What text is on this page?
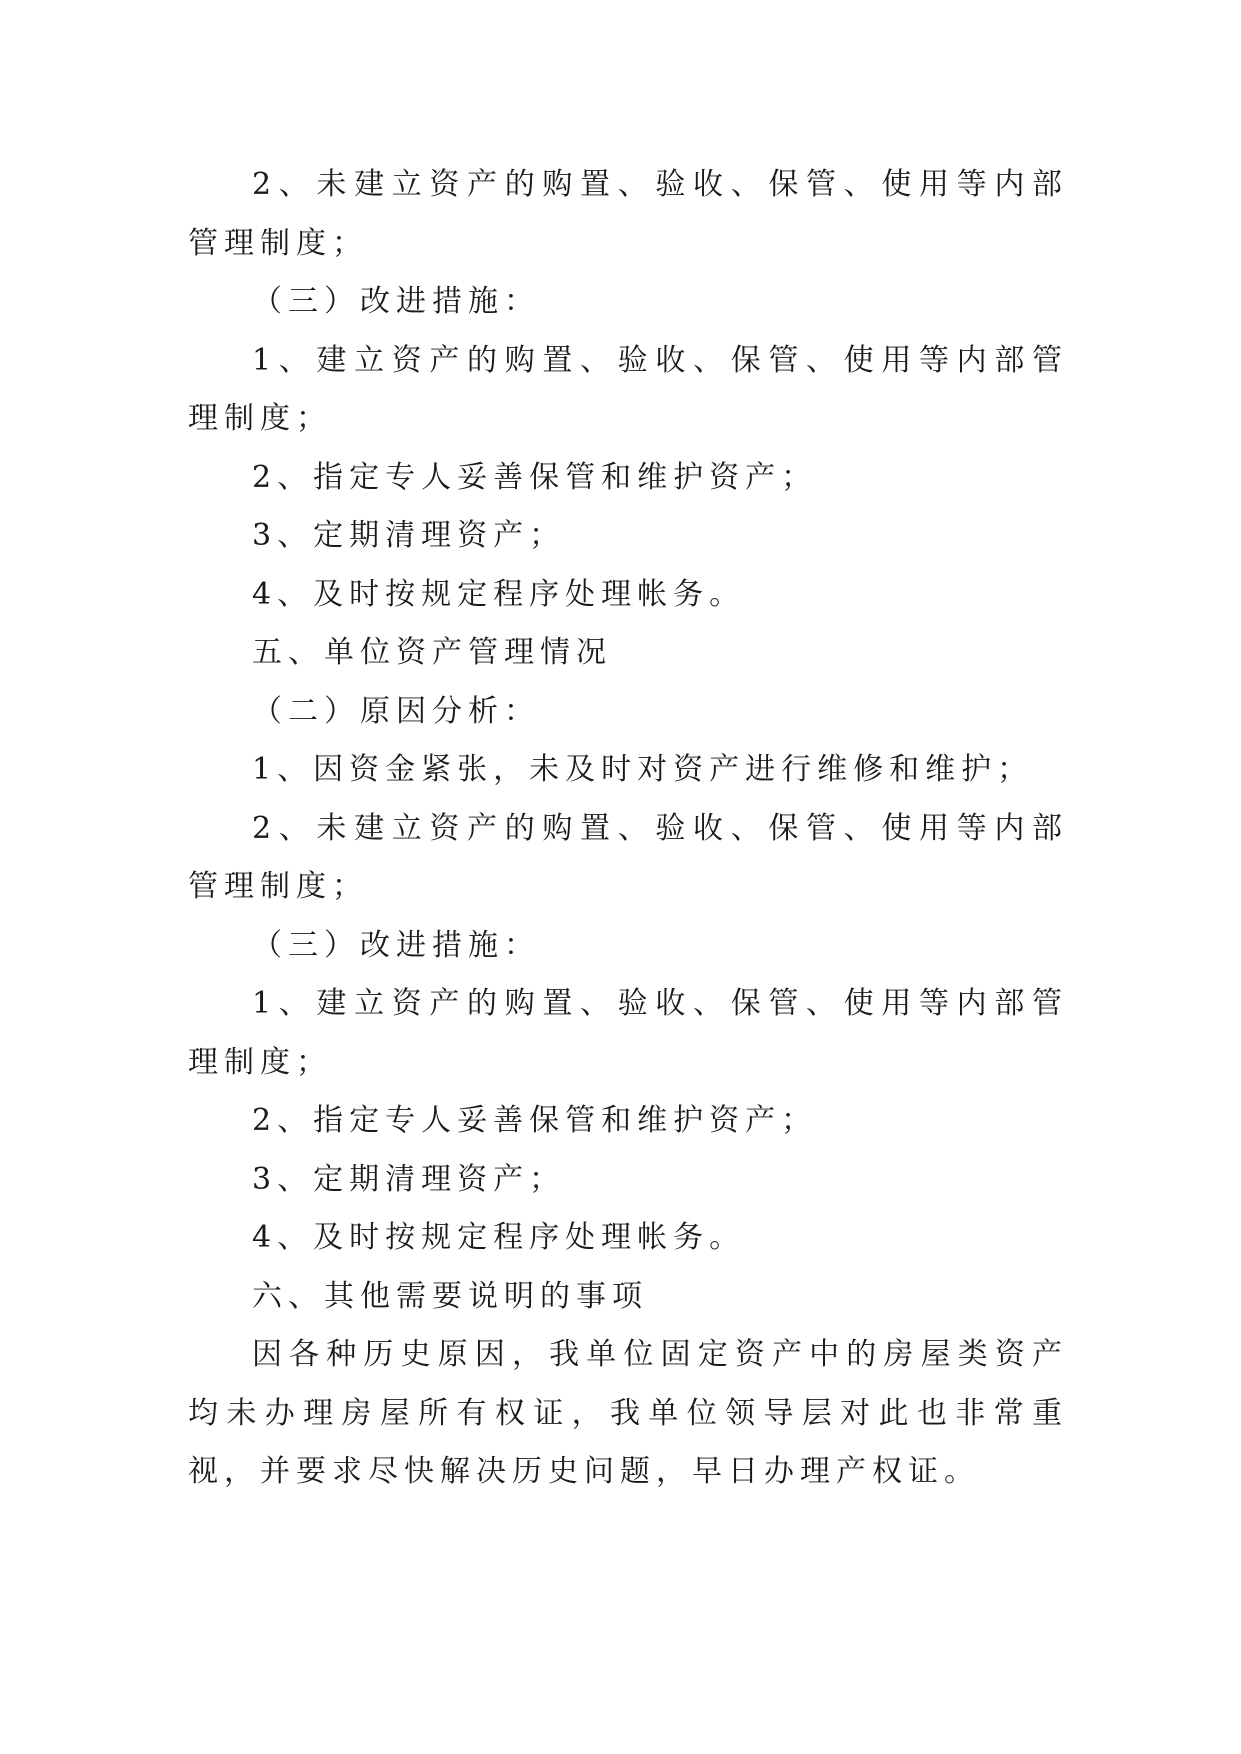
2、未建立资产的购置、验收、保管、使用等内部管理制度；

（三）改进措施：

1、建立资产的购置、验收、保管、使用等内部管理制度；

2、指定专人妥善保管和维护资产；

3、定期清理资产；

4、及时按规定程序处理帐务。

五、单位资产管理情况

（二）原因分析：

1、因资金紧张，未及时对资产进行维修和维护；

2、未建立资产的购置、验收、保管、使用等内部管理制度；

（三）改进措施：

1、建立资产的购置、验收、保管、使用等内部管理制度；

2、指定专人妥善保管和维护资产；

3、定期清理资产；

4、及时按规定程序处理帐务。

六、其他需要说明的事项

因各种历史原因，我单位固定资产中的房屋类资产均未办理房屋所有权证，我单位领导层对此也非常重视，并要求尽快解决历史问题，早日办理产权证。
